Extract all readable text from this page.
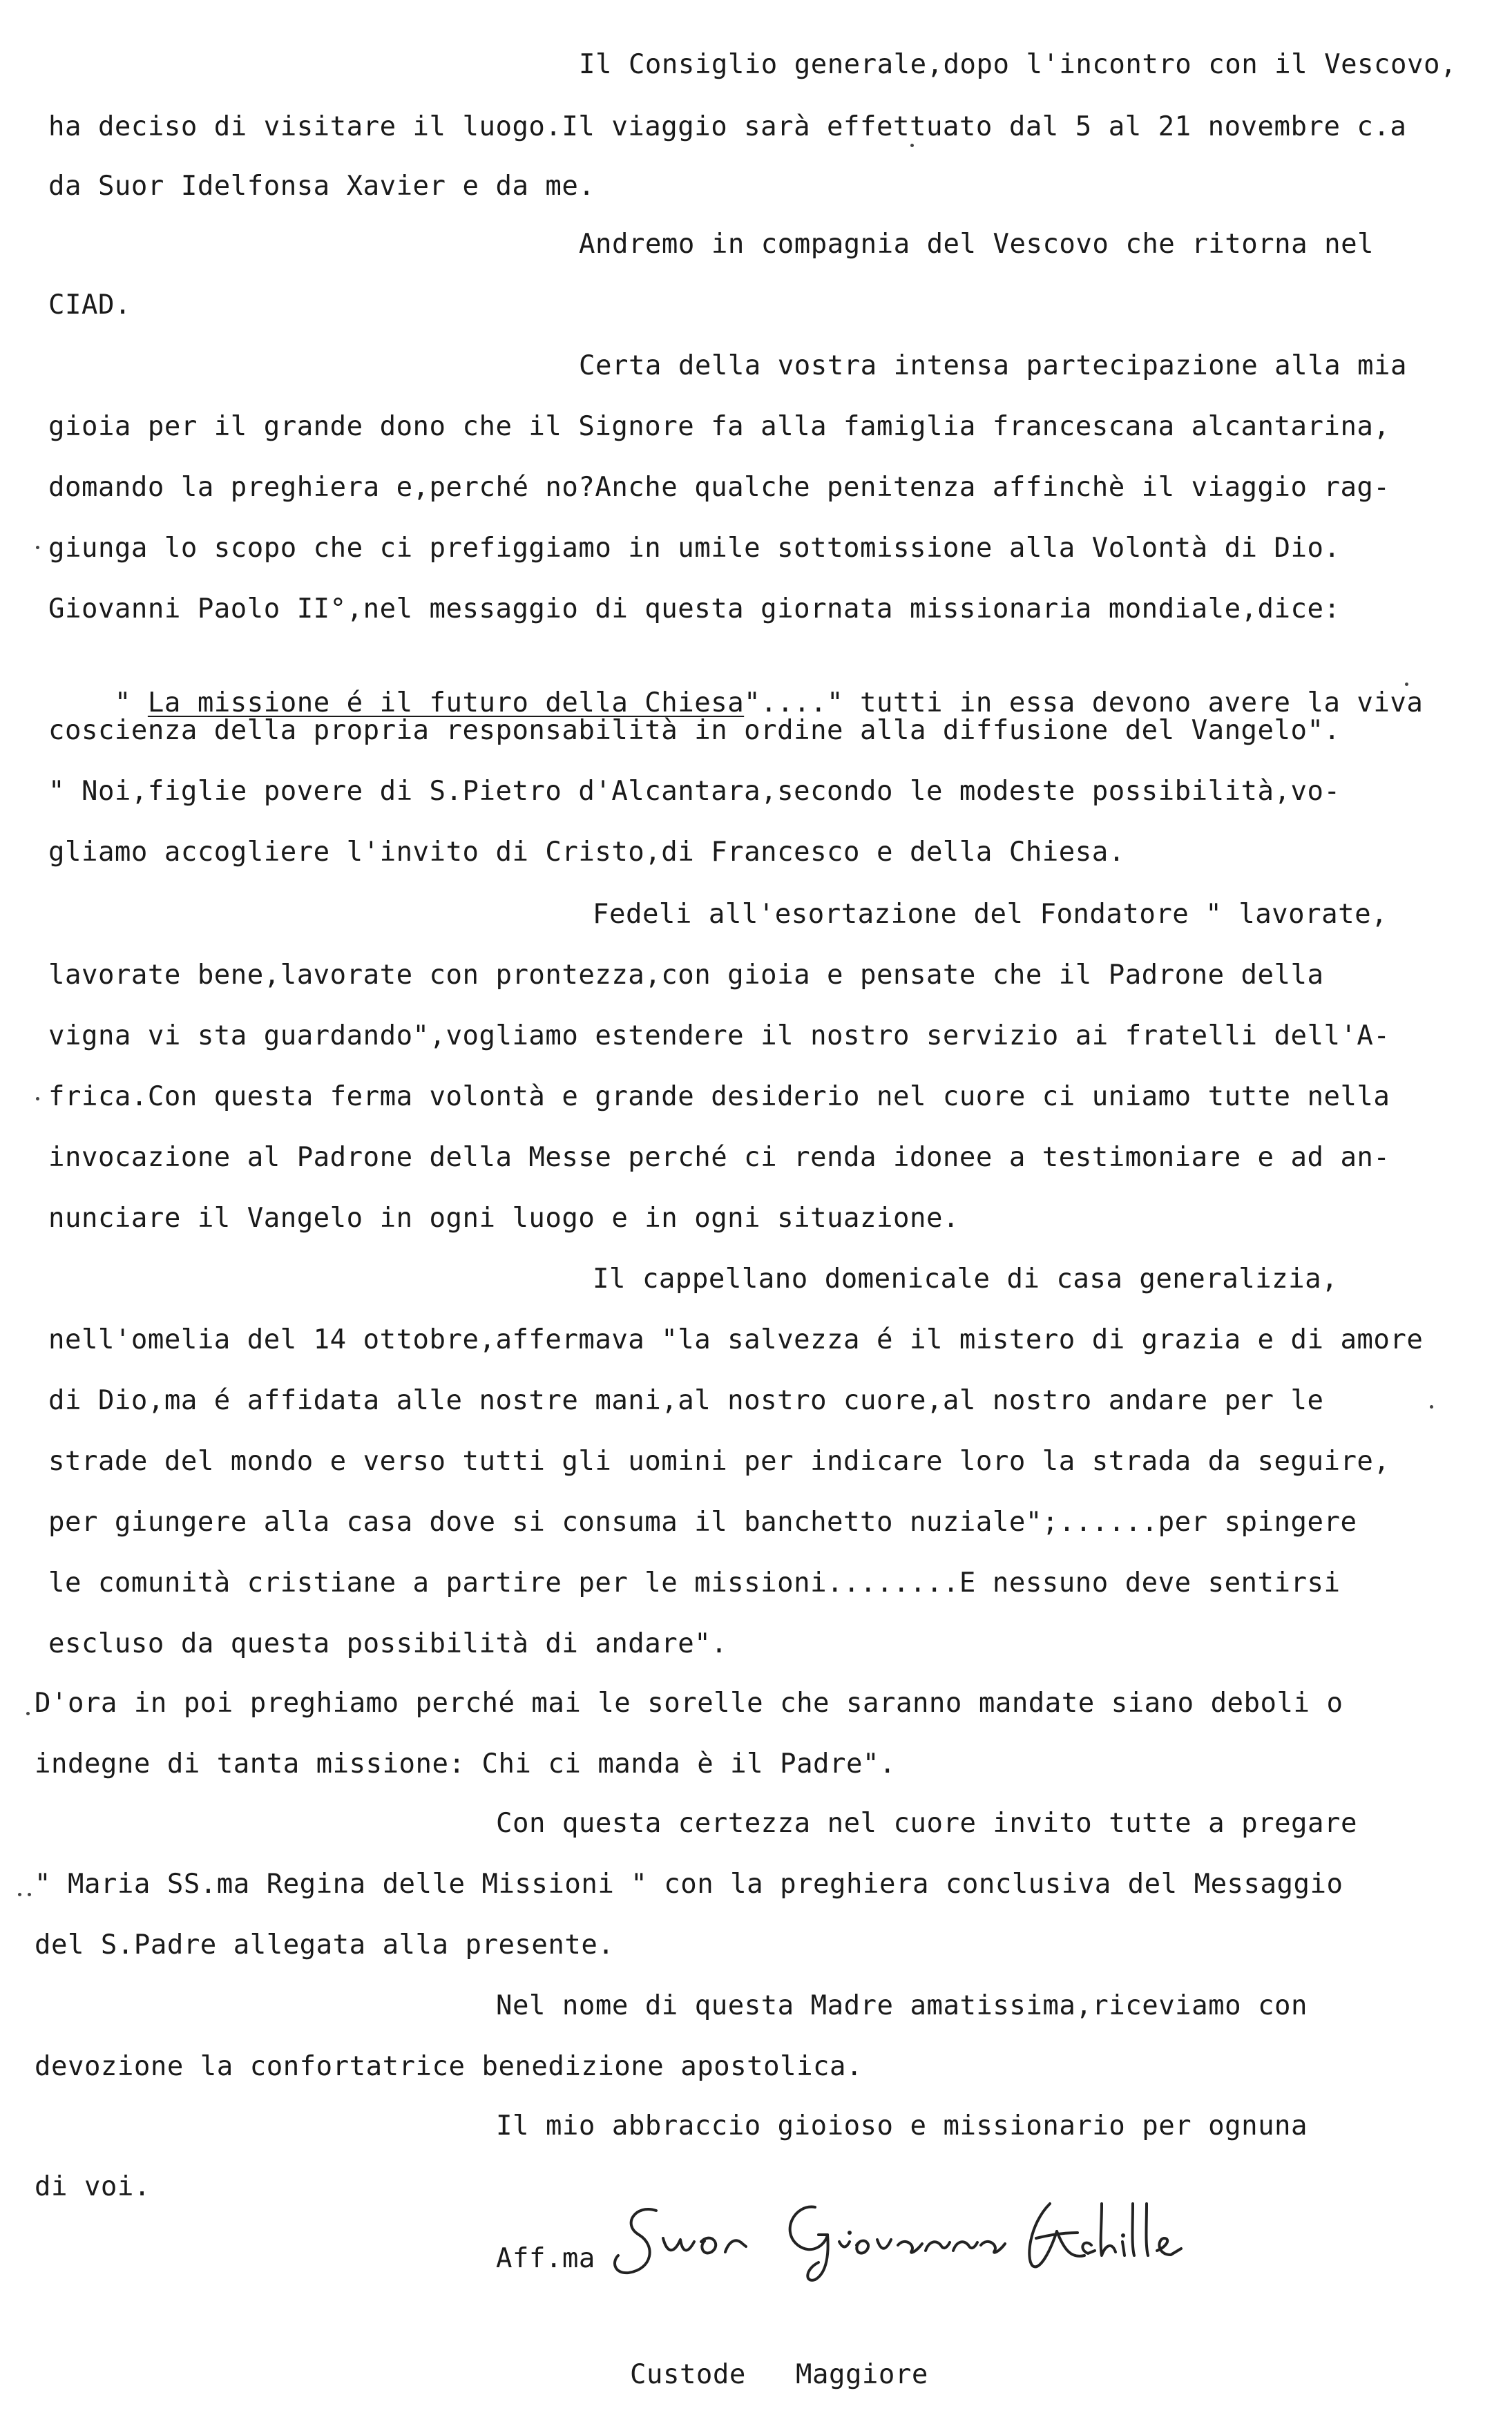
Il Consiglio generale,dopo l'incontro con il Vescovo,
ha deciso di visitare il luogo.Il viaggio sarà effettuato dal 5 al 21 novembre c.a
da Suor Idelfonsa Xavier e da me.
Andremo in compagnia del Vescovo che ritorna nel
CIAD.
Certa della vostra intensa partecipazione alla mia
gioia per il grande dono che il Signore fa alla famiglia francescana alcantarina,
domando la preghiera e,perché no?Anche qualche penitenza affinchè il viaggio rag-
giunga lo scopo che ci prefiggiamo in umile sottomissione alla Volontà di Dio.
Giovanni Paolo II°,nel messaggio di questa giornata missionaria mondiale,dice:

" La missione é il futuro della Chiesa"...." tutti in essa devono avere la viva

coscienza della propria responsabilità in ordine alla diffusione del Vangelo".
" Noi,figlie povere di S.Pietro d'Alcantara,secondo le modeste possibilità,vo-
gliamo accogliere l'invito di Cristo,di Francesco e della Chiesa.
Fedeli all'esortazione del Fondatore " lavorate,
lavorate bene,lavorate con prontezza,con gioia e pensate che il Padrone della
vigna vi sta guardando",vogliamo estendere il nostro servizio ai fratelli dell'A-
frica.Con questa ferma volontà e grande desiderio nel cuore ci uniamo tutte nella
invocazione al Padrone della Messe perché ci renda idonee a testimoniare e ad an-
nunciare il Vangelo in ogni luogo e in ogni situazione.
Il cappellano domenicale di casa generalizia,
nell'omelia del 14 ottobre,affermava "la salvezza é il mistero di grazia e di amore
di Dio,ma é affidata alle nostre mani,al nostro cuore,al nostro andare per le
strade del mondo e verso tutti gli uomini per indicare loro la strada da seguire,
per giungere alla casa dove si consuma il banchetto nuziale";......per spingere
le comunità cristiane a partire per le missioni........E nessuno deve sentirsi
escluso da questa possibilità di andare".
D'ora in poi preghiamo perché mai le sorelle che saranno mandate siano deboli o
indegne di tanta missione: Chi ci manda è il Padre".
Con questa certezza nel cuore invito tutte a pregare
" Maria SS.ma Regina delle Missioni " con la preghiera conclusiva del Messaggio
del S.Padre allegata alla presente.
Nel nome di questa Madre amatissima,riceviamo con
devozione la confortatrice benedizione apostolica.
Il mio abbraccio gioioso e missionario per ognuna
di voi.
Aff.ma
Custode Maggiore
